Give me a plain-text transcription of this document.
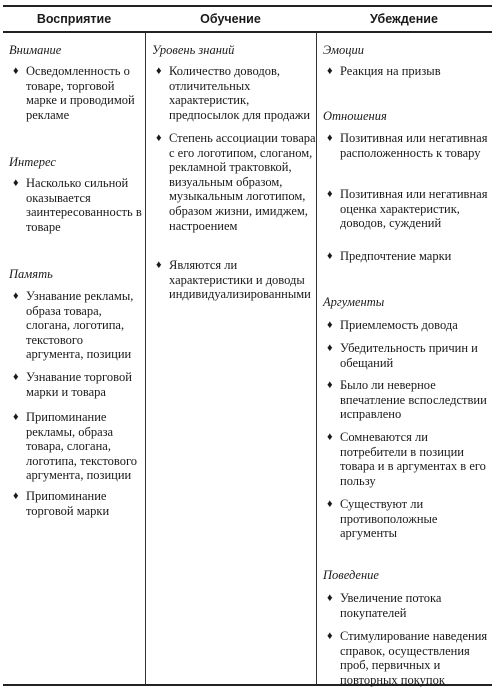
Восприятие	Обучение	Убеждение
Внимание
♦ Осведомленность о товаре, торговой марке и проводимой рекламе
Интерес
♦ Насколько сильной оказывается заинтересованность в товаре
Память
♦ Узнавание рекламы, образа товара, слогана, логотипа, текстового аргумента, позиции
♦ Узнавание торговой марки и товара
♦ Припоминание рекламы, образа товара, слогана, логотипа, текстового аргумента, позиции
♦ Припоминание торговой марки
Уровень знаний
♦ Количество доводов, отличительных характеристик, предпосылок для продажи
♦ Степень ассоциации товара с его логотипом, слоганом, рекламной трактовкой, визуальным образом, музыкальным логотипом, образом жизни, имиджем, настроением
♦ Являются ли характеристики и доводы индивидуализированными
Эмоции
♦ Реакция на призыв
Отношения
♦ Позитивная или негативная расположенность к товару
♦ Позитивная или негативная оценка характеристик, доводов, суждений
♦ Предпочтение марки
Аргументы
♦ Приемлемость довода
♦ Убедительность причин и обещаний
♦ Было ли неверное впечатление вспоследствии исправлено
♦ Сомневаются ли потребители в позиции товара и в аргументах в его пользу
♦ Существуют ли противоположные аргументы
Поведение
♦ Увеличение потока покупателей
♦ Стимулирование наведения справок, осуществления проб, первичных и повторных покупок
